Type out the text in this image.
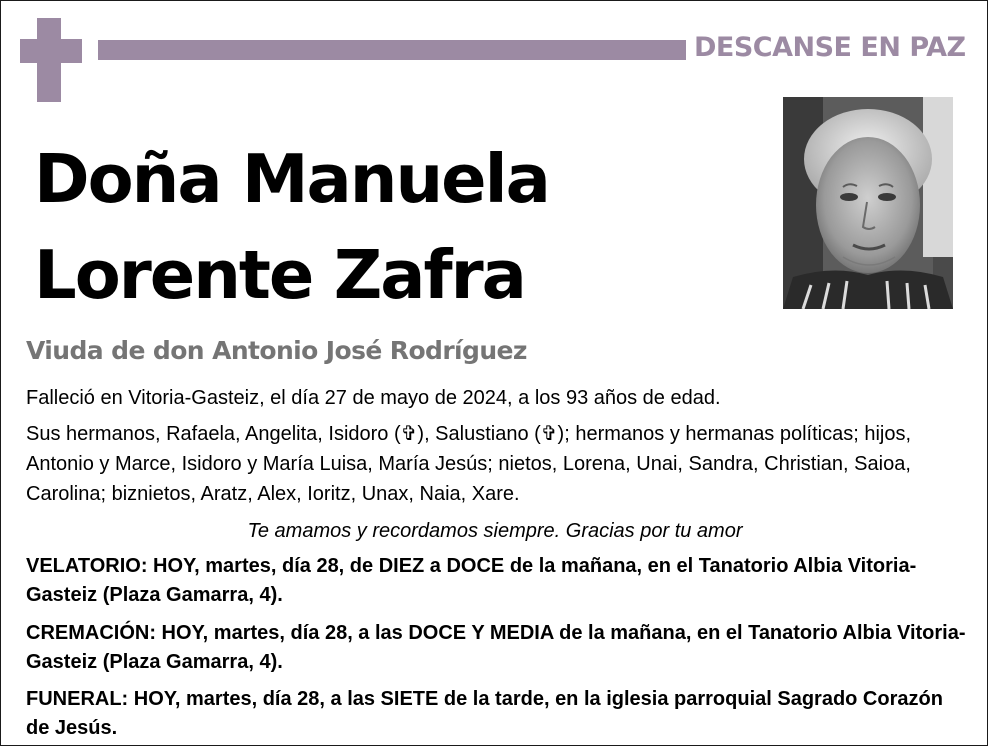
DESCANSE EN PAZ
Doña Manuela
Lorente Zafra
Viuda de don Antonio José Rodríguez

Falleció en Vitoria-Gasteiz, el día 27 de mayo de 2024, a los 93 años de edad.

Sus hermanos, Rafaela, Angelita, Isidoro (✞), Salustiano (✞); hermanos y hermanas políticas; hijos, Antonio y Marce, Isidoro y María Luisa, María Jesús; nietos, Lorena, Unai, Sandra, Christian, Saioa, Carolina; biznietos, Aratz, Alex, Ioritz, Unax, Naia, Xare.

Te amamos y recordamos siempre. Gracias por tu amor

VELATORIO: HOY, martes, día 28, de DIEZ a DOCE de la mañana, en el Tanatorio Albia Vitoria-Gasteiz (Plaza Gamarra, 4).

CREMACIÓN: HOY, martes, día 28, a las DOCE Y MEDIA de la mañana, en el Tanatorio Albia Vitoria-Gasteiz (Plaza Gamarra, 4).

FUNERAL: HOY, martes, día 28, a las SIETE de la tarde, en la iglesia parroquial Sagrado Corazón de Jesús.
